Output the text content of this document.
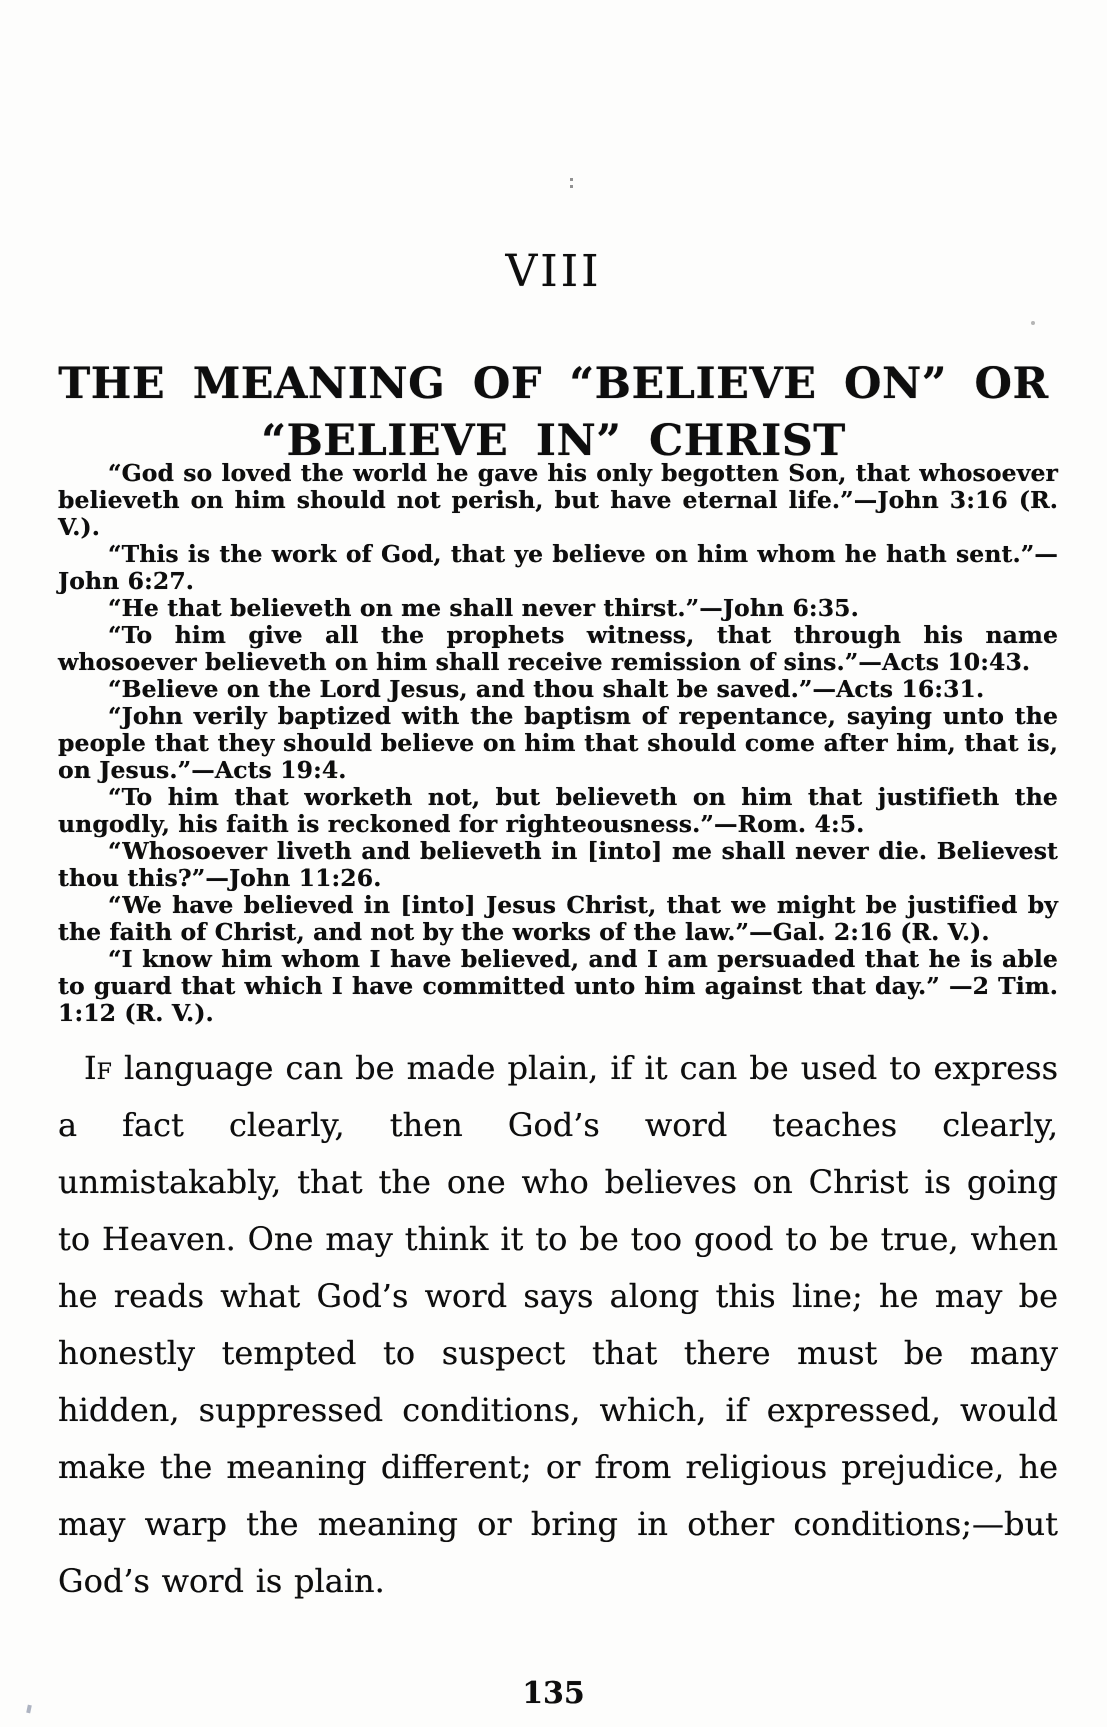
VIII
THE MEANING OF “BELIEVE ON” OR
“BELIEVE IN” CHRIST

“God so loved the world he gave his only begotten Son, that whosoever believeth on him should not perish, but have eternal life.”—John 3:16 (R. V.).

“This is the work of God, that ye believe on him whom he hath sent.”—John 6:27.

“He that believeth on me shall never thirst.”—John 6:35.

“To him give all the prophets witness, that through his name whosoever believeth on him shall receive remission of sins.”—Acts 10:43.

“Believe on the Lord Jesus, and thou shalt be saved.”—Acts 16:31.

“John verily baptized with the baptism of repentance, saying unto the people that they should believe on him that should come after him, that is, on Jesus.”—Acts 19:4.

“To him that worketh not, but believeth on him that justifieth the ungodly, his faith is reckoned for righteousness.”—Rom. 4:5.

“Whosoever liveth and believeth in [into] me shall never die. Believest thou this?”—John 11:26.

“We have believed in [into] Jesus Christ, that we might be justified by the faith of Christ, and not by the works of the law.”—Gal. 2:16 (R. V.).

“I know him whom I have believed, and I am persuaded that he is able to guard that which I have committed unto him against that day.” —2 Tim. 1:12 (R. V.).

If language can be made plain, if it can be used to express a fact clearly, then God’s word teaches clearly, unmistakably, that the one who believes on Christ is going to Heaven. One may think it to be too good to be true, when he reads what God’s word says along this line; he may be honestly tempted to suspect that there must be many hidden, suppressed conditions, which, if expressed, would make the meaning different; or from religious prejudice, he may warp the meaning or bring in other conditions;—but God’s word is plain.

135
